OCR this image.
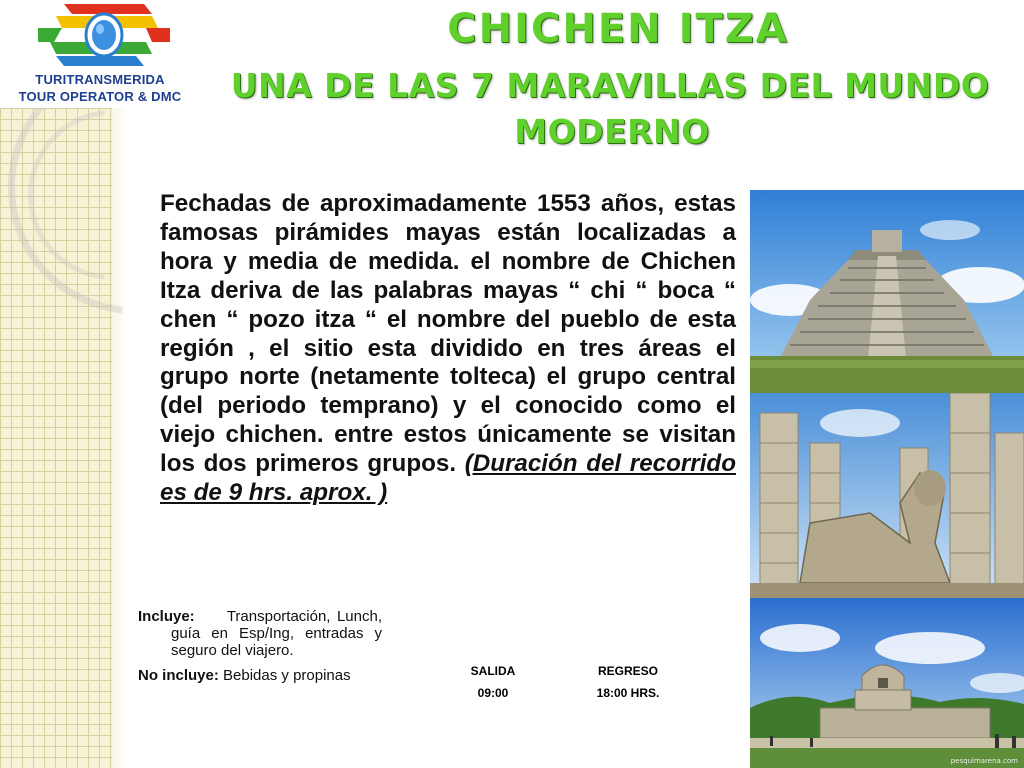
TURITRANSMERIDA
TOUR OPERATOR & DMC
CHICHEN ITZA
UNA DE LAS 7 MARAVILLAS DEL MUNDO
MODERNO

Fechadas de aproximadamente 1553 años, estas famosas pirámides mayas están localizadas a hora y media de medida. el nombre de Chichen Itza deriva de las palabras mayas “ chi “ boca “ chen “ pozo itza “ el nombre del pueblo de esta región , el sitio esta dividido en tres áreas el grupo norte (netamente tolteca) el grupo central (del periodo temprano) y el conocido como el viejo chichen. entre estos únicamente se visitan los dos primeros grupos. (Duración del recorrido es de 9 hrs. aprox. )

Incluye: Transportación, Lunch, guía en Esp/Ing, entradas y seguro del viajero.

No incluye: Bebidas y propinas	SALIDA
09:00
REGRESO
18:00 HRS.
pesquimarena.com
